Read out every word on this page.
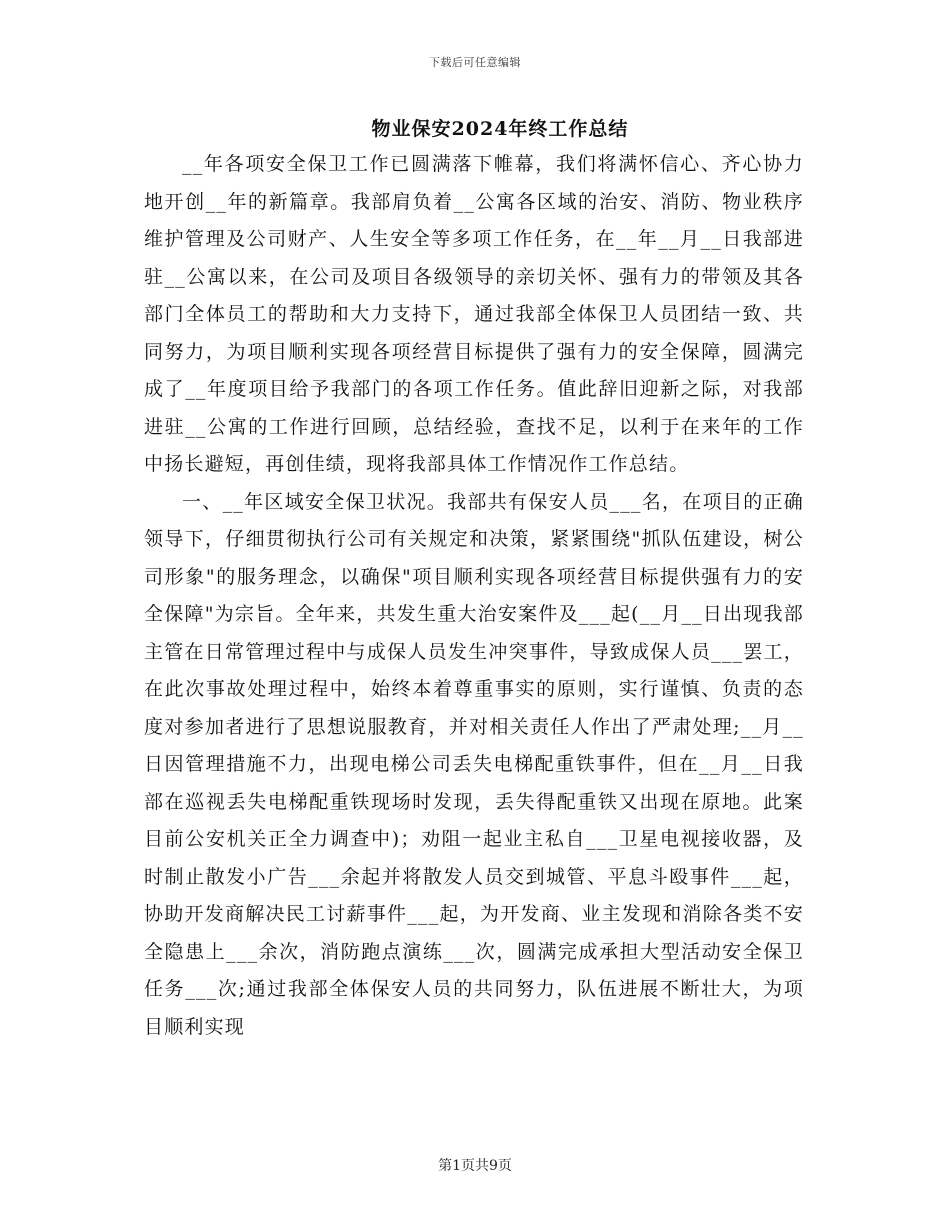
下载后可任意编辑
物业保安2024年终工作总结

__年各项安全保卫工作已圆满落下帷幕，我们将满怀信心、齐心协力地开创__年的新篇章。我部肩负着__公寓各区域的治安、消防、物业秩序维护管理及公司财产、人生安全等多项工作任务，在__年__月__日我部进驻__公寓以来，在公司及项目各级领导的亲切关怀、强有力的带领及其各部门全体员工的帮助和大力支持下，通过我部全体保卫人员团结一致、共同努力，为项目顺利实现各项经营目标提供了强有力的安全保障，圆满完成了__年度项目给予我部门的各项工作任务。值此辞旧迎新之际，对我部进驻__公寓的工作进行回顾，总结经验，查找不足，以利于在来年的工作中扬长避短，再创佳绩，现将我部具体工作情况作工作总结。

一、__年区域安全保卫状况。我部共有保安人员___名，在项目的正确领导下，仔细贯彻执行公司有关规定和决策，紧紧围绕"抓队伍建设，树公司形象"的服务理念，以确保"项目顺利实现各项经营目标提供强有力的安全保障"为宗旨。全年来，共发生重大治安案件及___起(__月__日出现我部主管在日常管理过程中与成保人员发生冲突事件，导致成保人员___罢工，在此次事故处理过程中，始终本着尊重事实的原则，实行谨慎、负责的态度对参加者进行了思想说服教育，并对相关责任人作出了严肃处理;__月__日因管理措施不力，出现电梯公司丢失电梯配重铁事件，但在__月__日我部在巡视丢失电梯配重铁现场时发现，丢失得配重铁又出现在原地。此案目前公安机关正全力调查中)；劝阻一起业主私自___卫星电视接收器，及时制止散发小广告___余起并将散发人员交到城管、平息斗殴事件___起，协助开发商解决民工讨薪事件___起，为开发商、业主发现和消除各类不安全隐患上___余次，消防跑点演练___次，圆满完成承担大型活动安全保卫任务___次;通过我部全体保安人员的共同努力，队伍进展不断壮大，为项目顺利实现

第1页共9页
